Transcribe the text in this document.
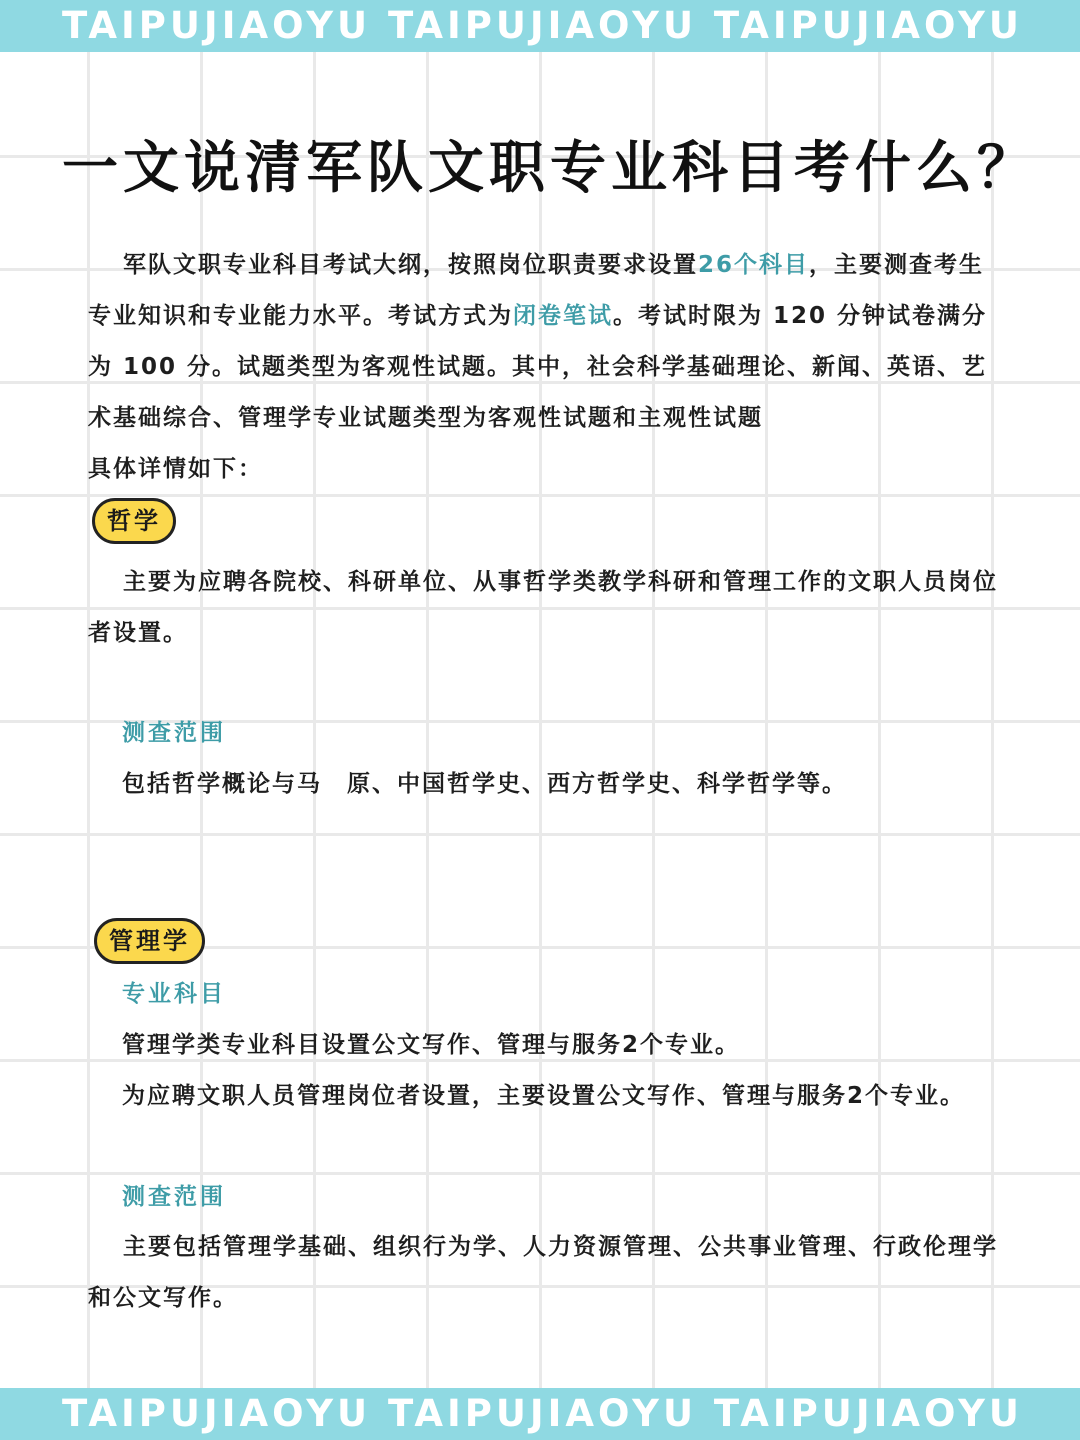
TAIPUJIAOYU TAIPUJIAOYU TAIPUJIAOYU
一文说清军队文职专业科目考什么？
军队文职专业科目考试大纲，按照岗位职责要求设置26个科目，主要测查考生专业知识和专业能力水平。考试方式为闭卷笔试。考试时限为 120 分钟试卷满分为 100 分。试题类型为客观性试题。其中，社会科学基础理论、新闻、英语、艺术基础综合、管理学专业试题类型为客观性试题和主观性试题
具体详情如下：
哲学
主要为应聘各院校、科研单位、从事哲学类教学科研和管理工作的文职人员岗位者设置。
测查范围
包括哲学概论与马　原、中国哲学史、西方哲学史、科学哲学等。
管理学
专业科目
管理学类专业科目设置公文写作、管理与服务2个专业。
为应聘文职人员管理岗位者设置，主要设置公文写作、管理与服务2个专业。
测查范围
主要包括管理学基础、组织行为学、人力资源管理、公共事业管理、行政伦理学和公文写作。
TAIPUJIAOYU TAIPUJIAOYU TAIPUJIAOYU
